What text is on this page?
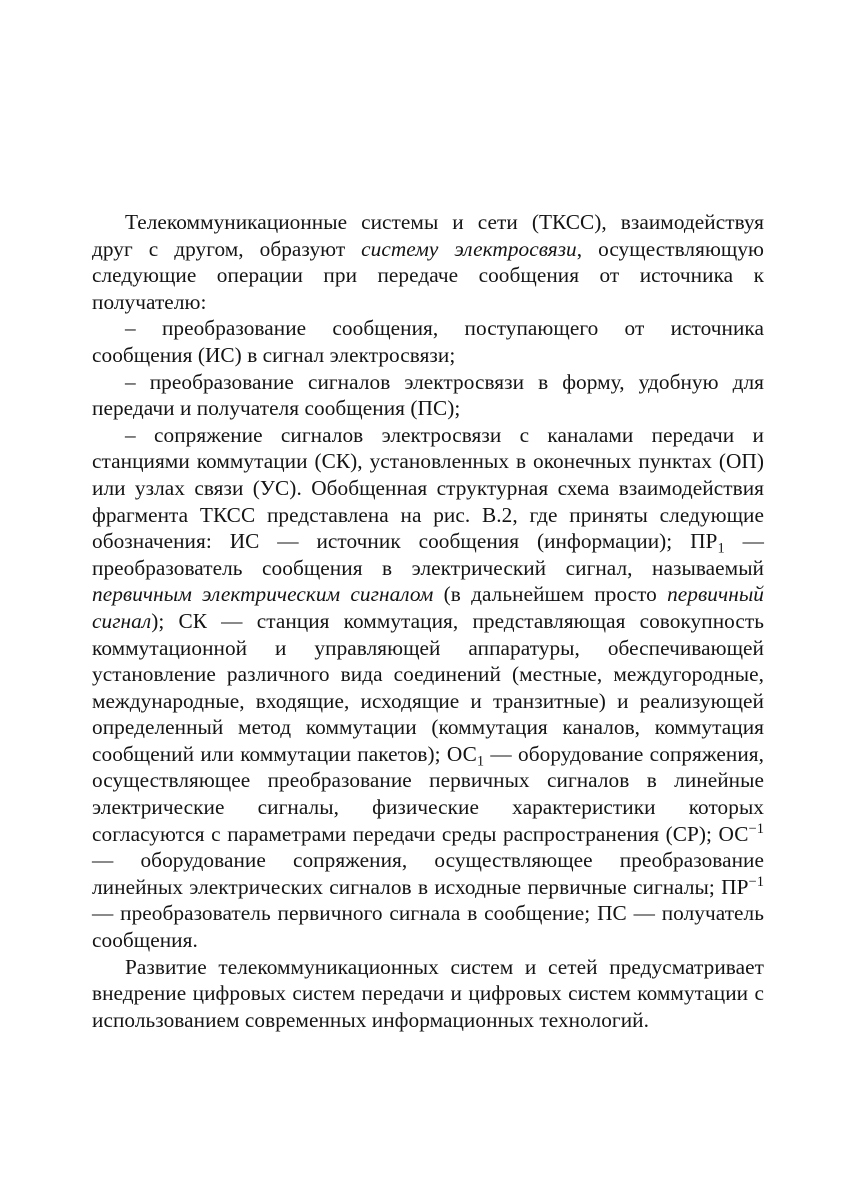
Телекоммуникационные системы и сети (ТКСС), взаимодействуя друг с другом, образуют систему электросвязи, осуществляющую следующие операции при передаче сообщения от источника к получателю:

– преобразование сообщения, поступающего от источника сообщения (ИС) в сигнал электросвязи;

– преобразование сигналов электросвязи в форму, удобную для передачи и получателя сообщения (ПС);

– сопряжение сигналов электросвязи с каналами передачи и станциями коммутации (СК), установленных в оконечных пунктах (ОП) или узлах связи (УС). Обобщенная структурная схема взаимодействия фрагмента ТКСС представлена на рис. В.2, где приняты следующие обозначения: ИС — источник сообщения (информации); $ПР_1$ — преобразователь сообщения в электрический сигнал, называемый первичным электрическим сигналом (в дальнейшем просто первичный сигнал); СК — станция коммутация, представляющая совокупность коммутационной и управляющей аппаратуры, обеспечивающей установление различного вида соединений (местные, междугородные, международные, входящие, исходящие и транзитные) и реализующей определенный метод коммутации (коммутация каналов, коммутация сообщений или коммутации пакетов); $ОС_1$ — оборудование сопряжения, осуществляющее преобразование первичных сигналов в линейные электрические сигналы, физические характеристики которых согласуются с параметрами передачи среды распространения (СР); $ОС^{-1}$ — оборудование сопряжения, осуществляющее преобразование линейных электрических сигналов в исходные первичные сигналы; $ПР^{-1}$ — преобразователь первичного сигнала в сообщение; ПС — получатель сообщения.

Развитие телекоммуникационных систем и сетей предусматривает внедрение цифровых систем передачи и цифровых систем коммутации с использованием современных информационных технологий.
